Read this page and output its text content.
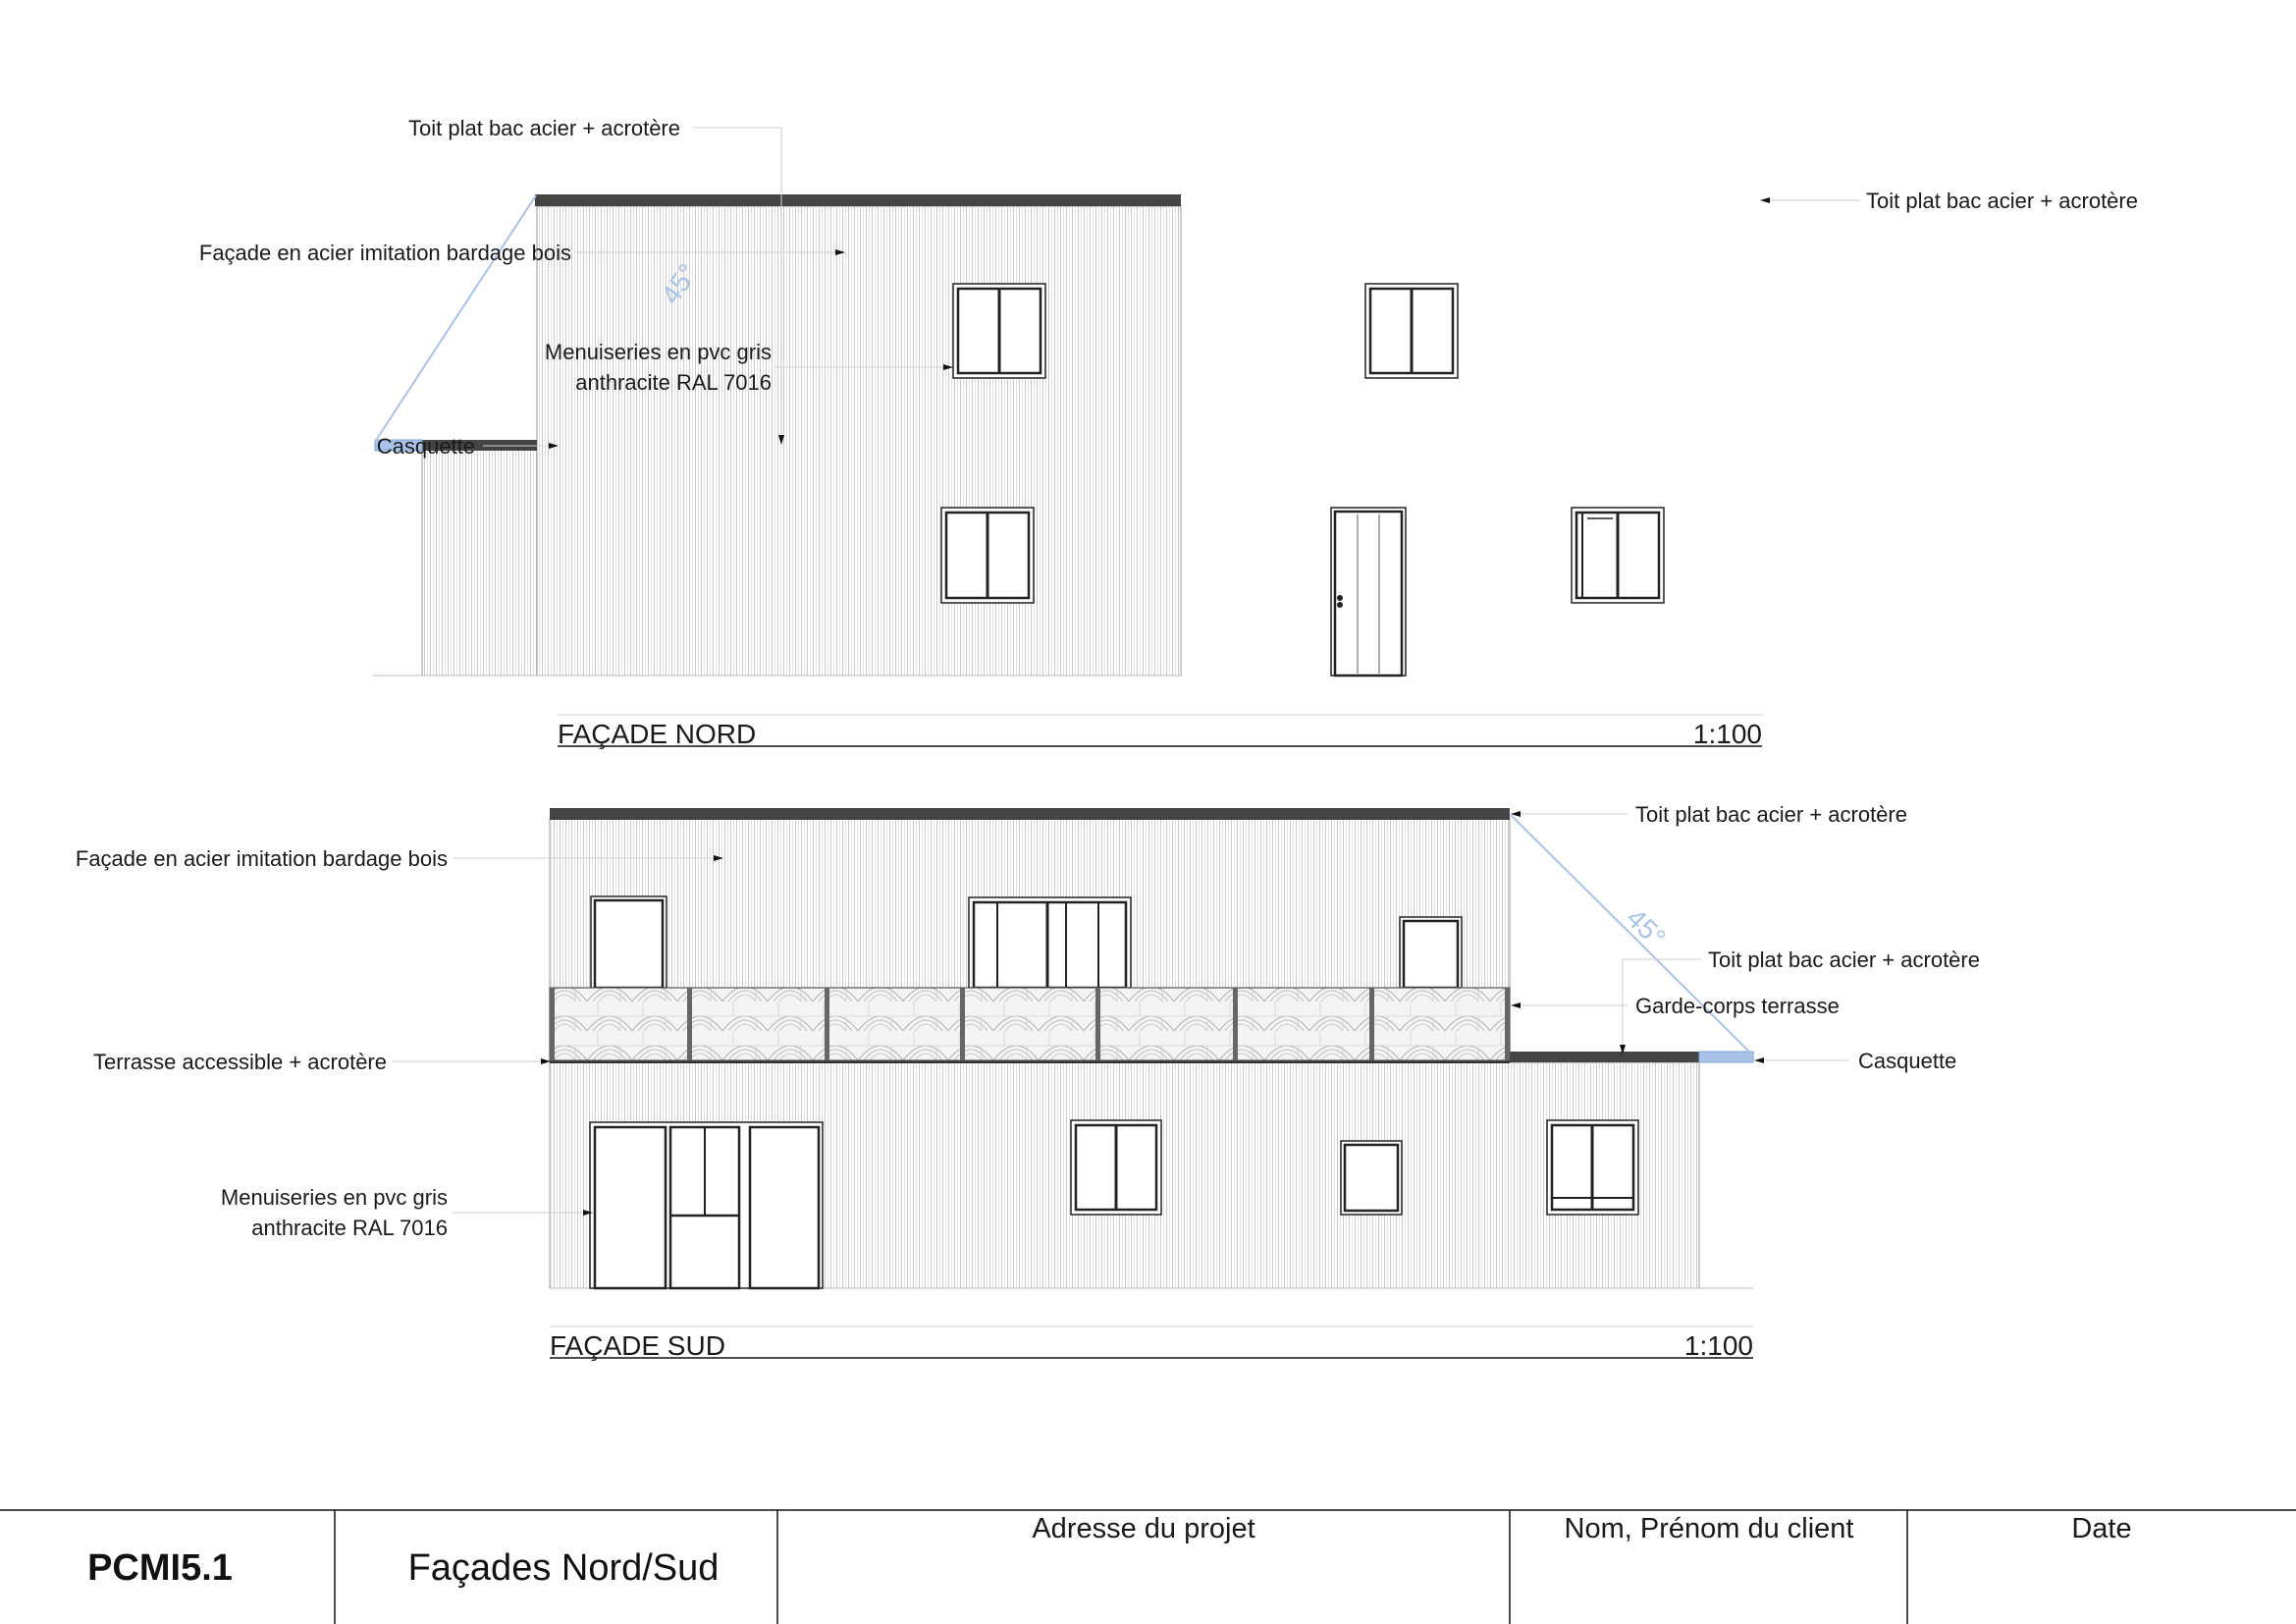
45°
Toit plat bac acier + acrotère
Façade en acier imitation bardage bois
Menuiseries en pvc gris
anthracite RAL 7016
Casquette
Toit plat bac acier + acrotère
FAÇADE NORD	1:100
45°
Façade en acier imitation bardage bois
Terrasse accessible + acrotère
Menuiseries en pvc gris
anthracite RAL 7016
Toit plat bac acier + acrotère
Toit plat bac acier + acrotère
Garde-corps terrasse
Casquette
FAÇADE SUD	1:100
PCMI5.1	Façades Nord/Sud
Adresse du projet	Nom, Prénom du client	Date
